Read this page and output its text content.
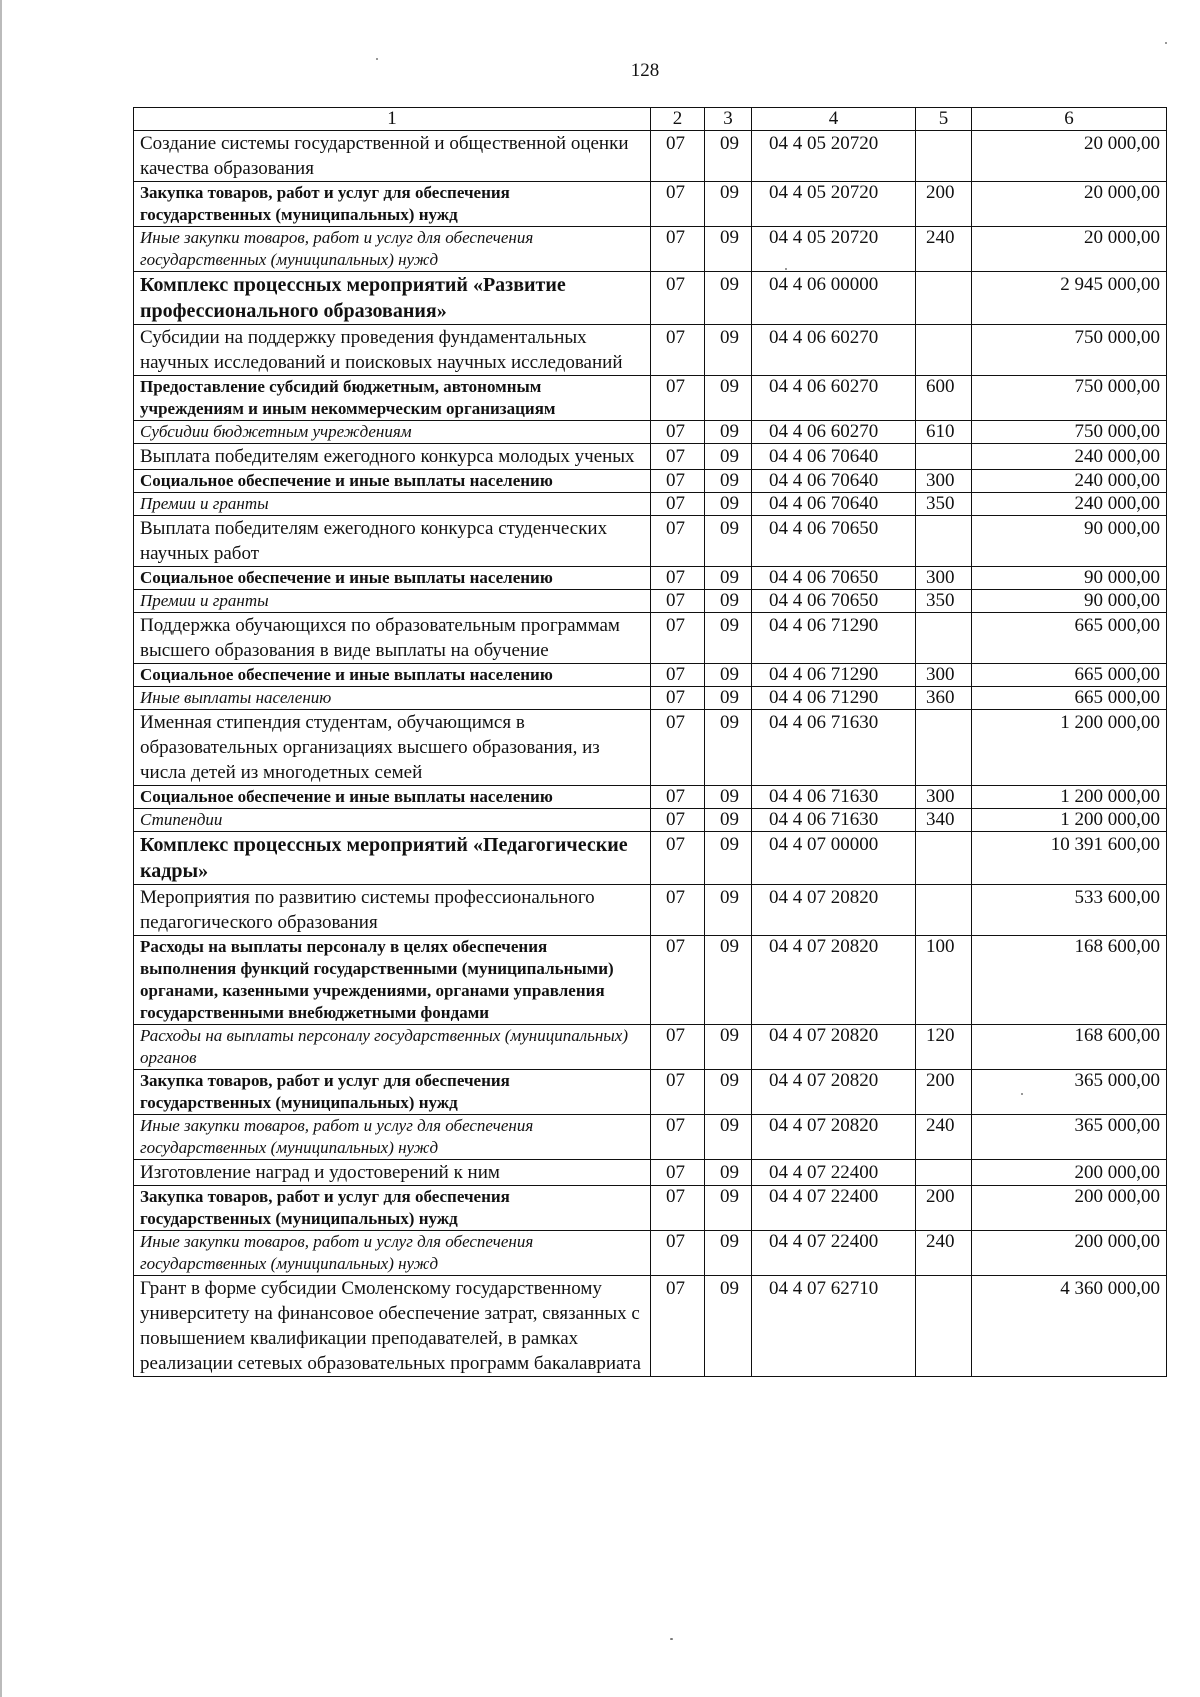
128
1	2	3	4	5	6
Создание системы государственной и общественной оценки качества образования	07	09	04 4 05 20720		20 000,00
Закупка товаров, работ и услуг для обеспечения государственных (муниципальных) нужд	07	09	04 4 05 20720	200	20 000,00
Иные закупки товаров, работ и услуг для обеспечения государственных (муниципальных) нужд	07	09	04 4 05 20720	240	20 000,00
Комплекс процессных мероприятий «Развитие профессионального образования»	07	09	04 4 06 00000		2 945 000,00
Субсидии на поддержку проведения фундаментальных научных исследований и поисковых научных исследований	07	09	04 4 06 60270		750 000,00
Предоставление субсидий бюджетным, автономным учреждениям и иным некоммерческим организациям	07	09	04 4 06 60270	600	750 000,00
Субсидии бюджетным учреждениям	07	09	04 4 06 60270	610	750 000,00
Выплата победителям ежегодного конкурса молодых ученых	07	09	04 4 06 70640		240 000,00
Социальное обеспечение и иные выплаты населению	07	09	04 4 06 70640	300	240 000,00
Премии и гранты	07	09	04 4 06 70640	350	240 000,00
Выплата победителям ежегодного конкурса студенческих научных работ	07	09	04 4 06 70650		90 000,00
Социальное обеспечение и иные выплаты населению	07	09	04 4 06 70650	300	90 000,00
Премии и гранты	07	09	04 4 06 70650	350	90 000,00
Поддержка обучающихся по образовательным программам высшего образования в виде выплаты на обучение	07	09	04 4 06 71290		665 000,00
Социальное обеспечение и иные выплаты населению	07	09	04 4 06 71290	300	665 000,00
Иные выплаты населению	07	09	04 4 06 71290	360	665 000,00
Именная стипендия студентам, обучающимся в образовательных организациях высшего образования, из числа детей из многодетных семей	07	09	04 4 06 71630		1 200 000,00
Социальное обеспечение и иные выплаты населению	07	09	04 4 06 71630	300	1 200 000,00
Стипендии	07	09	04 4 06 71630	340	1 200 000,00
Комплекс процессных мероприятий «Педагогические кадры»	07	09	04 4 07 00000		10 391 600,00
Мероприятия по развитию системы профессионального педагогического образования	07	09	04 4 07 20820		533 600,00
Расходы на выплаты персоналу в целях обеспечения выполнения функций государственными (муниципальными) органами, казенными учреждениями, органами управления государственными внебюджетными фондами	07	09	04 4 07 20820	100	168 600,00
Расходы на выплаты персоналу государственных (муниципальных) органов	07	09	04 4 07 20820	120	168 600,00
Закупка товаров, работ и услуг для обеспечения государственных (муниципальных) нужд	07	09	04 4 07 20820	200	365 000,00
Иные закупки товаров, работ и услуг для обеспечения государственных (муниципальных) нужд	07	09	04 4 07 20820	240	365 000,00
Изготовление наград и удостоверений к ним	07	09	04 4 07 22400		200 000,00
Закупка товаров, работ и услуг для обеспечения государственных (муниципальных) нужд	07	09	04 4 07 22400	200	200 000,00
Иные закупки товаров, работ и услуг для обеспечения государственных (муниципальных) нужд	07	09	04 4 07 22400	240	200 000,00
Грант в форме субсидии Смоленскому государственному университету на финансовое обеспечение затрат, связанных с повышением квалификации преподавателей, в рамках реализации сетевых образовательных программ бакалавриата	07	09	04 4 07 62710		4 360 000,00
